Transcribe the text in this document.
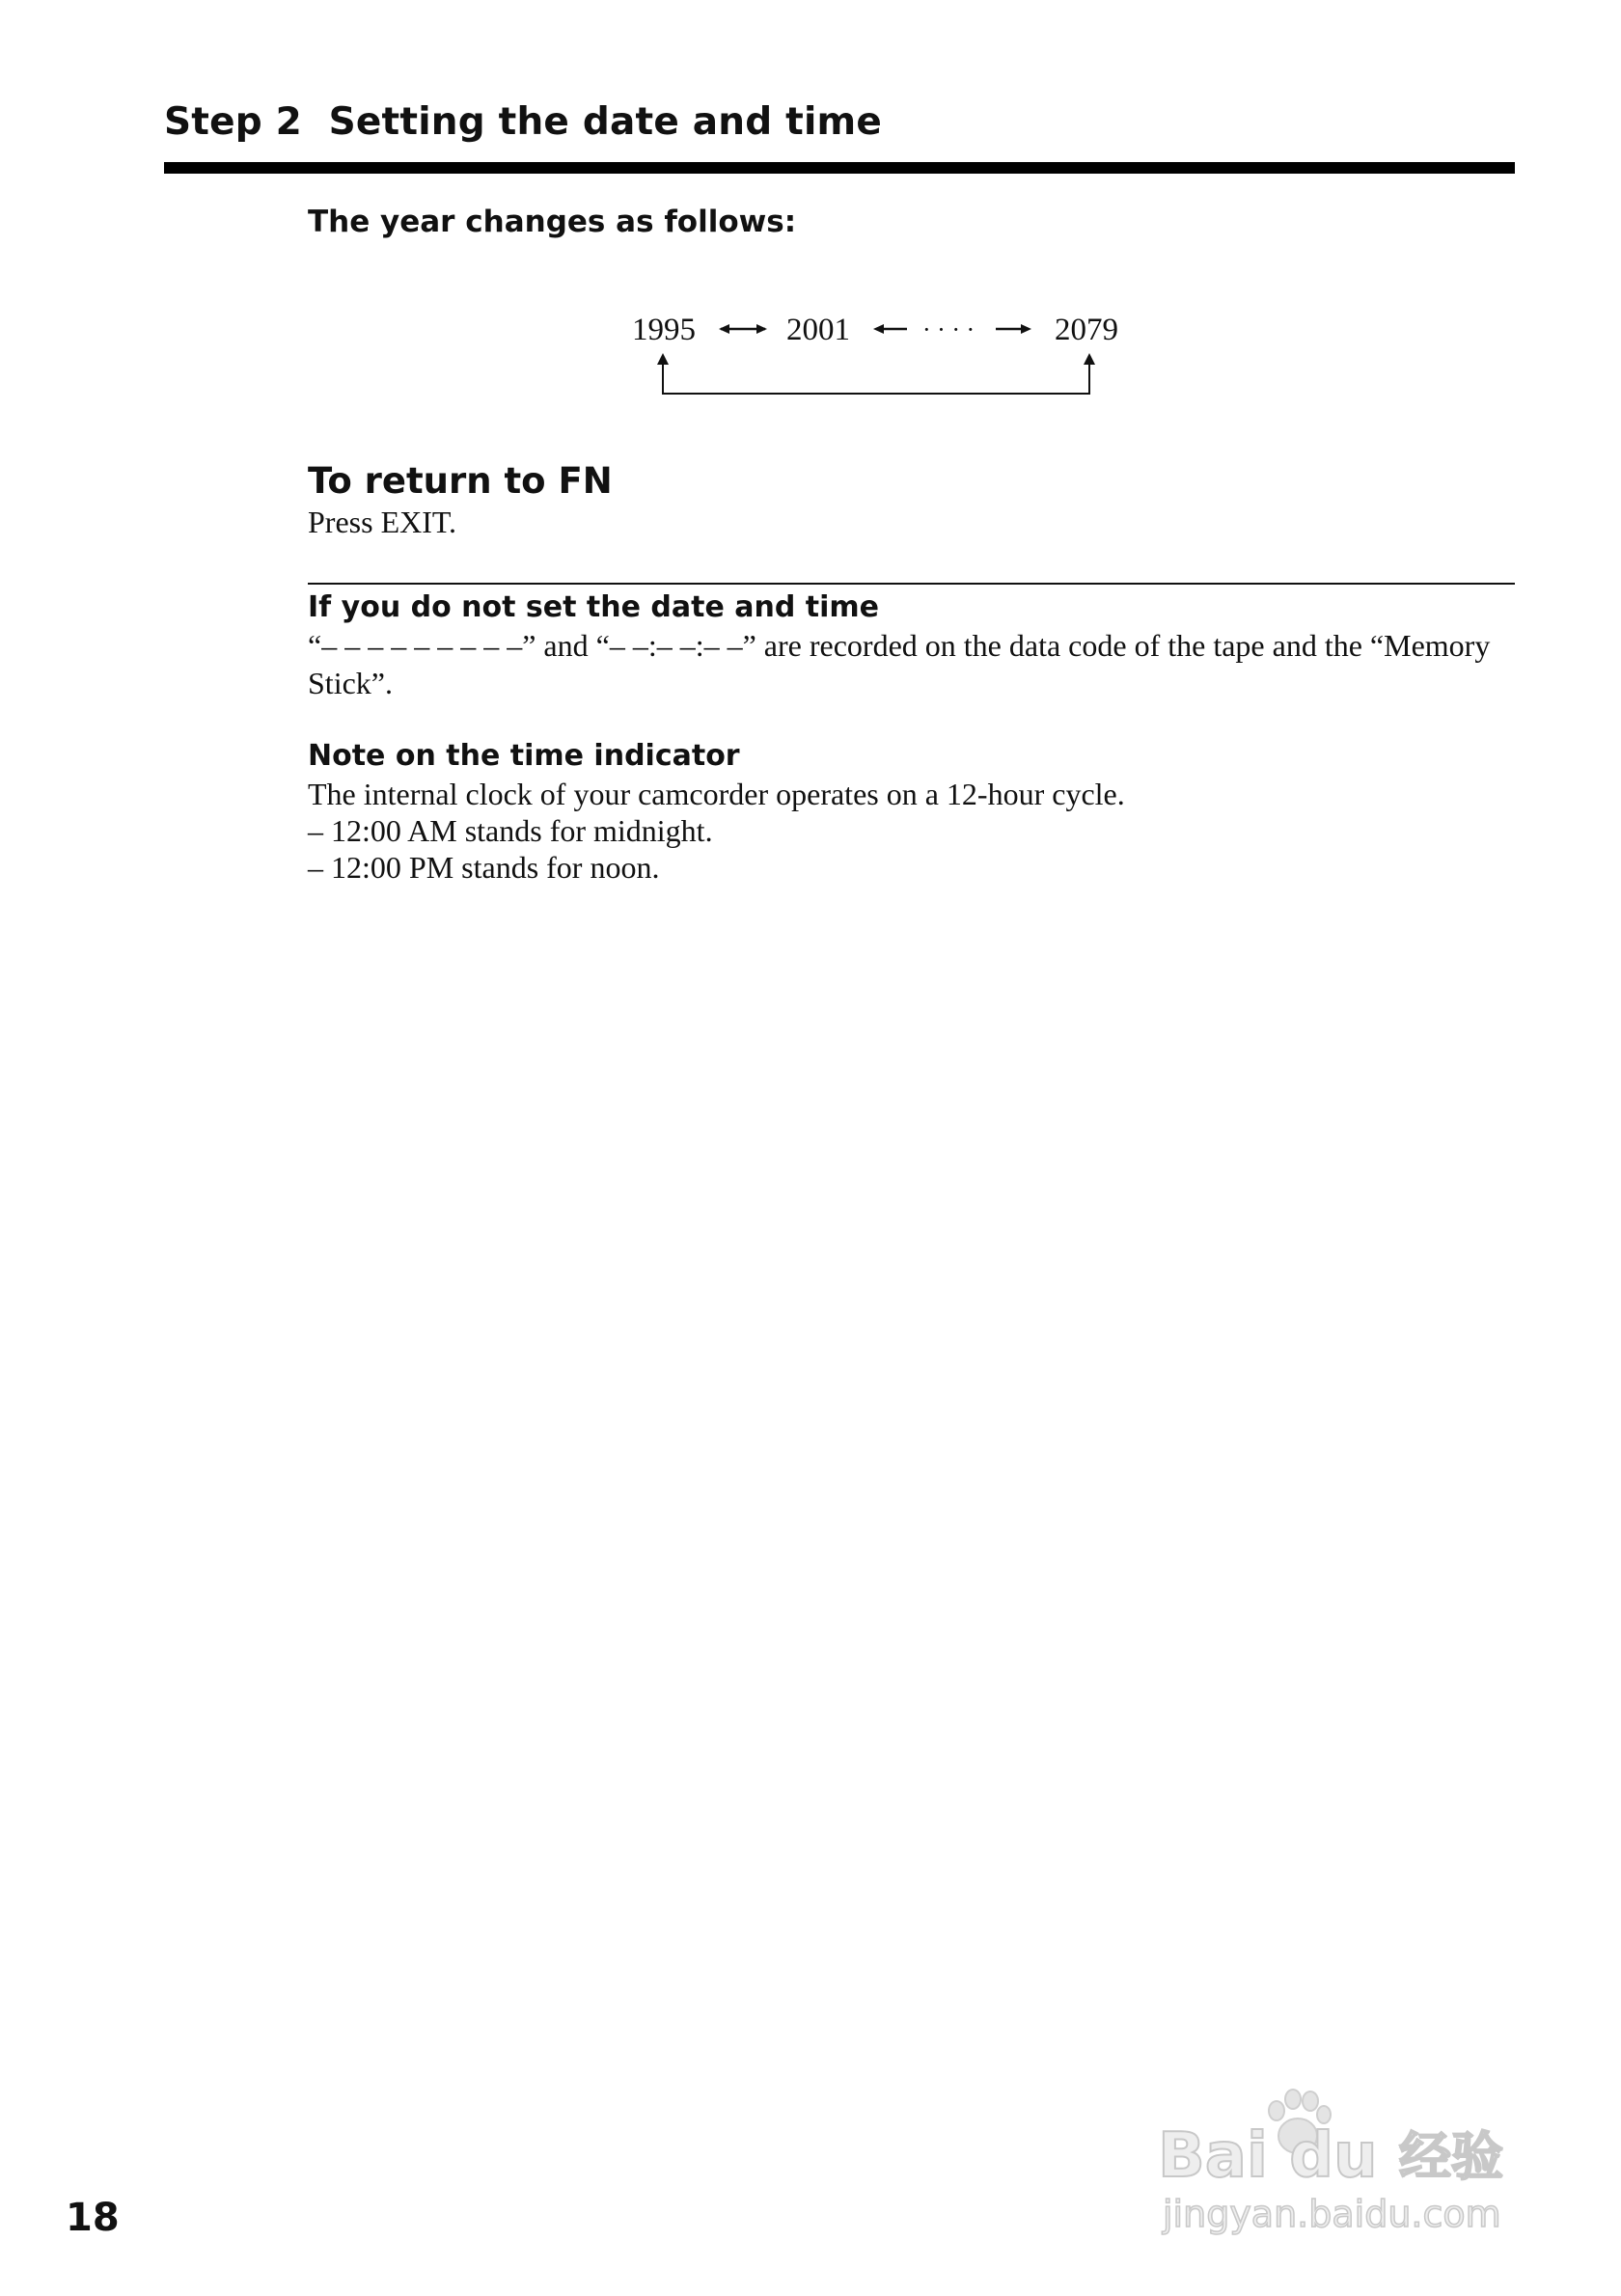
Step 2  Setting the date and time
The year changes as follows:
1995	2001	· · · ·	2079
To return to FN
Press EXIT.
If you do not set the date and time
“– – – – – – – – –” and “– –:– –:– –” are recorded on the data code of the tape and the “Memory Stick”.
Note on the time indicator
The internal clock of your camcorder operates on a 12-hour cycle.
– 12:00 AM stands for midnight.
– 12:00 PM stands for noon.
18
Bai du 经验
jingyan.baidu.com
